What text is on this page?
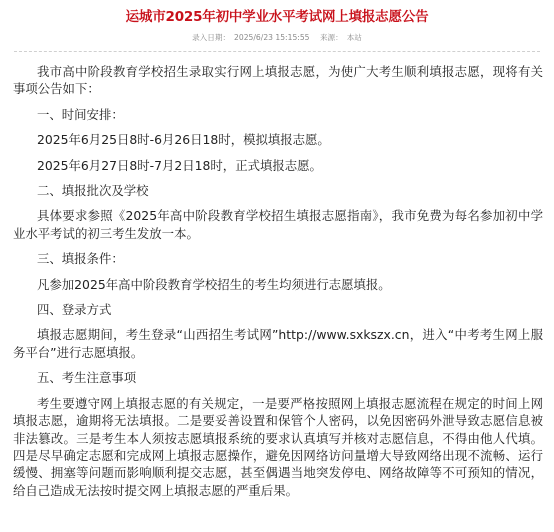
运城市2025年初中学业水平考试网上填报志愿公告
录入日期： 2025/6/23 15:15:55 来源： 本站

我市高中阶段教育学校招生录取实行网上填报志愿，为使广大考生顺利填报志愿，现将有关事项公告如下：

一、时间安排：

2025年6月25日8时-6月26日18时，模拟填报志愿。

2025年6月27日8时-7月2日18时，正式填报志愿。

二、填报批次及学校

具体要求参照《2025年高中阶段教育学校招生填报志愿指南》，我市免费为每名参加初中学业水平考试的初三考生发放一本。

三、填报条件：

凡参加2025年高中阶段教育学校招生的考生均须进行志愿填报。

四、登录方式

填报志愿期间，考生登录“山西招生考试网”http://www.sxkszx.cn，进入“中考考生网上服务平台”进行志愿填报。

五、考生注意事项

考生要遵守网上填报志愿的有关规定，一是要严格按照网上填报志愿流程在规定的时间上网填报志愿，逾期将无法填报。二是要妥善设置和保管个人密码，以免因密码外泄导致志愿信息被非法篡改。三是考生本人须按志愿填报系统的要求认真填写并核对志愿信息，不得由他人代填。四是尽早确定志愿和完成网上填报志愿操作，避免因网络访问量增大导致网络出现不流畅、运行缓慢、拥塞等问题而影响顺利提交志愿，甚至偶遇当地突发停电、网络故障等不可预知的情况，给自己造成无法按时提交网上填报志愿的严重后果。
